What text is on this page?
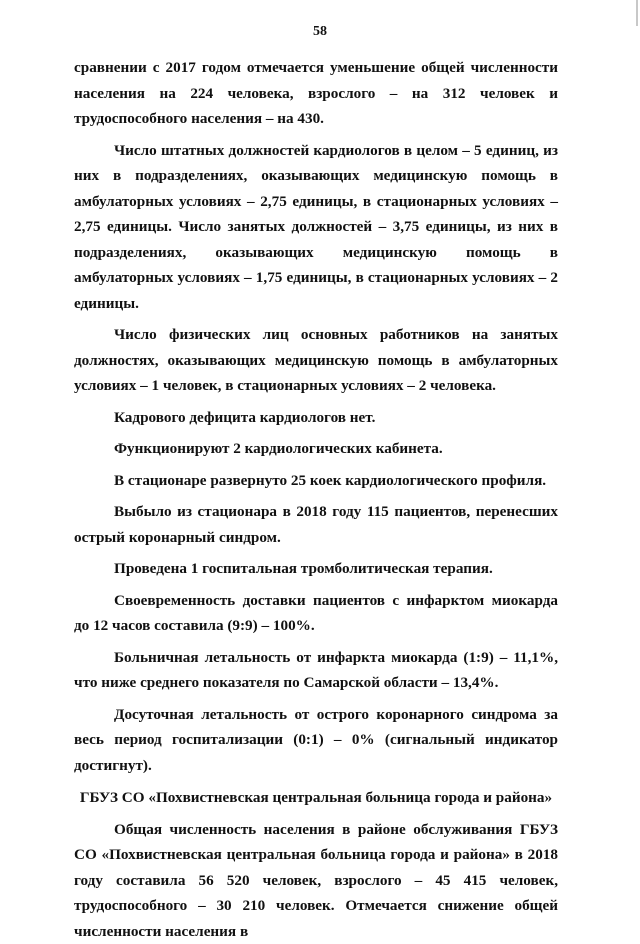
58

сравнении с 2017 годом отмечается уменьшение общей численности населения на 224 человека, взрослого – на 312 человек и трудоспособного населения – на 430.

Число штатных должностей кардиологов в целом – 5 единиц, из них в подразделениях, оказывающих медицинскую помощь в амбулаторных условиях – 2,75 единицы, в стационарных условиях – 2,75 единицы. Число занятых должностей – 3,75 единицы, из них в подразделениях, оказывающих медицинскую помощь в амбулаторных условиях – 1,75 единицы, в стационарных условиях – 2 единицы.

Число физических лиц основных работников на занятых должностях, оказывающих медицинскую помощь в амбулаторных условиях – 1 человек, в стационарных условиях – 2 человека.

Кадрового дефицита кардиологов нет.

Функционируют 2 кардиологических кабинета.

В стационаре развернуто 25 коек кардиологического профиля.

Выбыло из стационара в 2018 году 115 пациентов, перенесших острый коронарный синдром.

Проведена 1 госпитальная тромболитическая терапия.

Своевременность доставки пациентов с инфарктом миокарда до 12 часов составила (9:9) – 100%.

Больничная летальность от инфаркта миокарда (1:9) – 11,1%, что ниже среднего показателя по Самарской области – 13,4%.

Досуточная летальность от острого коронарного синдрома за весь период госпитализации (0:1) – 0% (сигнальный индикатор достигнут).

ГБУЗ СО «Похвистневская центральная больница города и района»

Общая численность населения в районе обслуживания ГБУЗ СО «Похвистневская центральная больница города и района» в 2018 году составила 56 520 человек, взрослого – 45 415 человек, трудоспособного – 30 210 человек. Отмечается снижение общей численности населения в
